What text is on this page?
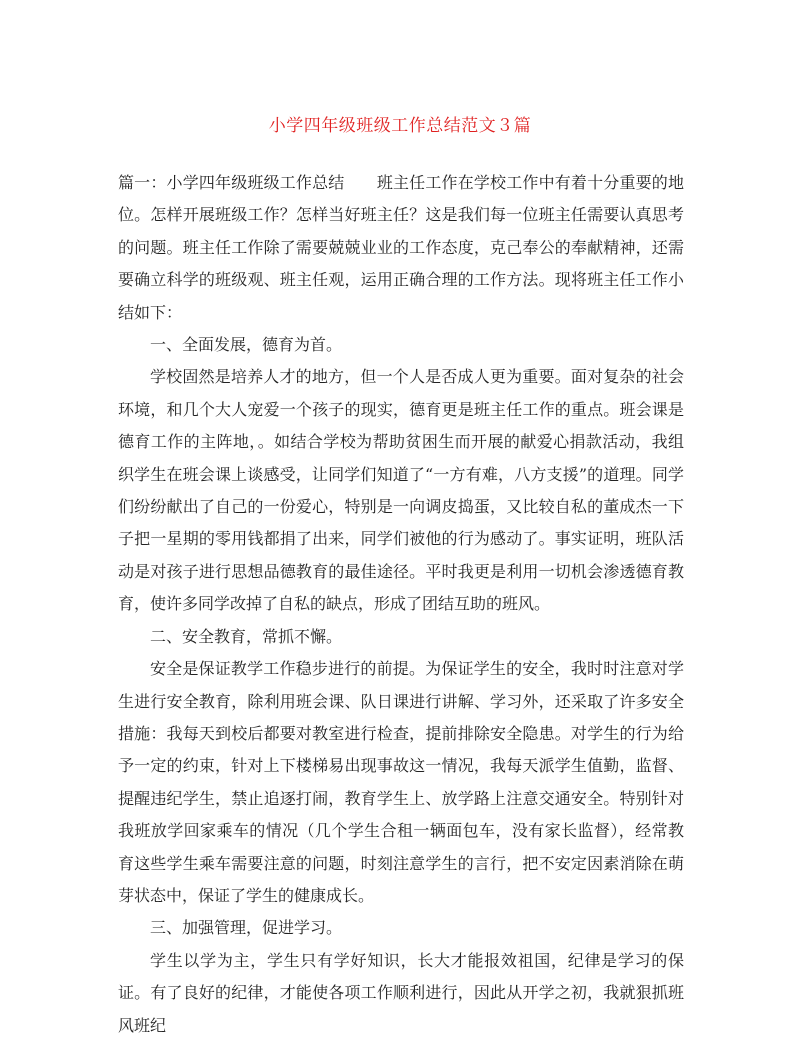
小学四年级班级工作总结范文３篇

篇一：小学四年级班级工作总结　　班主任工作在学校工作中有着十分重要的地位。怎样开展班级工作？怎样当好班主任？这是我们每一位班主任需要认真思考的问题。班主任工作除了需要兢兢业业的工作态度，克己奉公的奉献精神，还需要确立科学的班级观、班主任观，运用正确合理的工作方法。现将班主任工作小结如下：

一、全面发展，德育为首。

学校固然是培养人才的地方，但一个人是否成人更为重要。面对复杂的社会环境，和几个大人宠爱一个孩子的现实，德育更是班主任工作的重点。班会课是德育工作的主阵地，。如结合学校为帮助贫困生而开展的献爱心捐款活动，我组织学生在班会课上谈感受，让同学们知道了“一方有难，八方支援”的道理。同学们纷纷献出了自己的一份爱心，特别是一向调皮捣蛋，又比较自私的董成杰一下子把一星期的零用钱都捐了出来，同学们被他的行为感动了。事实证明，班队活动是对孩子进行思想品德教育的最佳途径。平时我更是利用一切机会渗透德育教育，使许多同学改掉了自私的缺点，形成了团结互助的班风。

二、安全教育，常抓不懈。

安全是保证教学工作稳步进行的前提。为保证学生的安全，我时时注意对学生进行安全教育，除利用班会课、队日课进行讲解、学习外，还采取了许多安全措施：我每天到校后都要对教室进行检查，提前排除安全隐患。对学生的行为给予一定的约束，针对上下楼梯易出现事故这一情况，我每天派学生值勤，监督、提醒违纪学生，禁止追逐打闹，教育学生上、放学路上注意交通安全。特别针对我班放学回家乘车的情况（几个学生合租一辆面包车，没有家长监督），经常教育这些学生乘车需要注意的问题，时刻注意学生的言行，把不安定因素消除在萌芽状态中，保证了学生的健康成长。

三、加强管理，促进学习。

学生以学为主，学生只有学好知识，长大才能报效祖国，纪律是学习的保证。有了良好的纪律，才能使各项工作顺利进行，因此从开学之初，我就狠抓班风班纪
